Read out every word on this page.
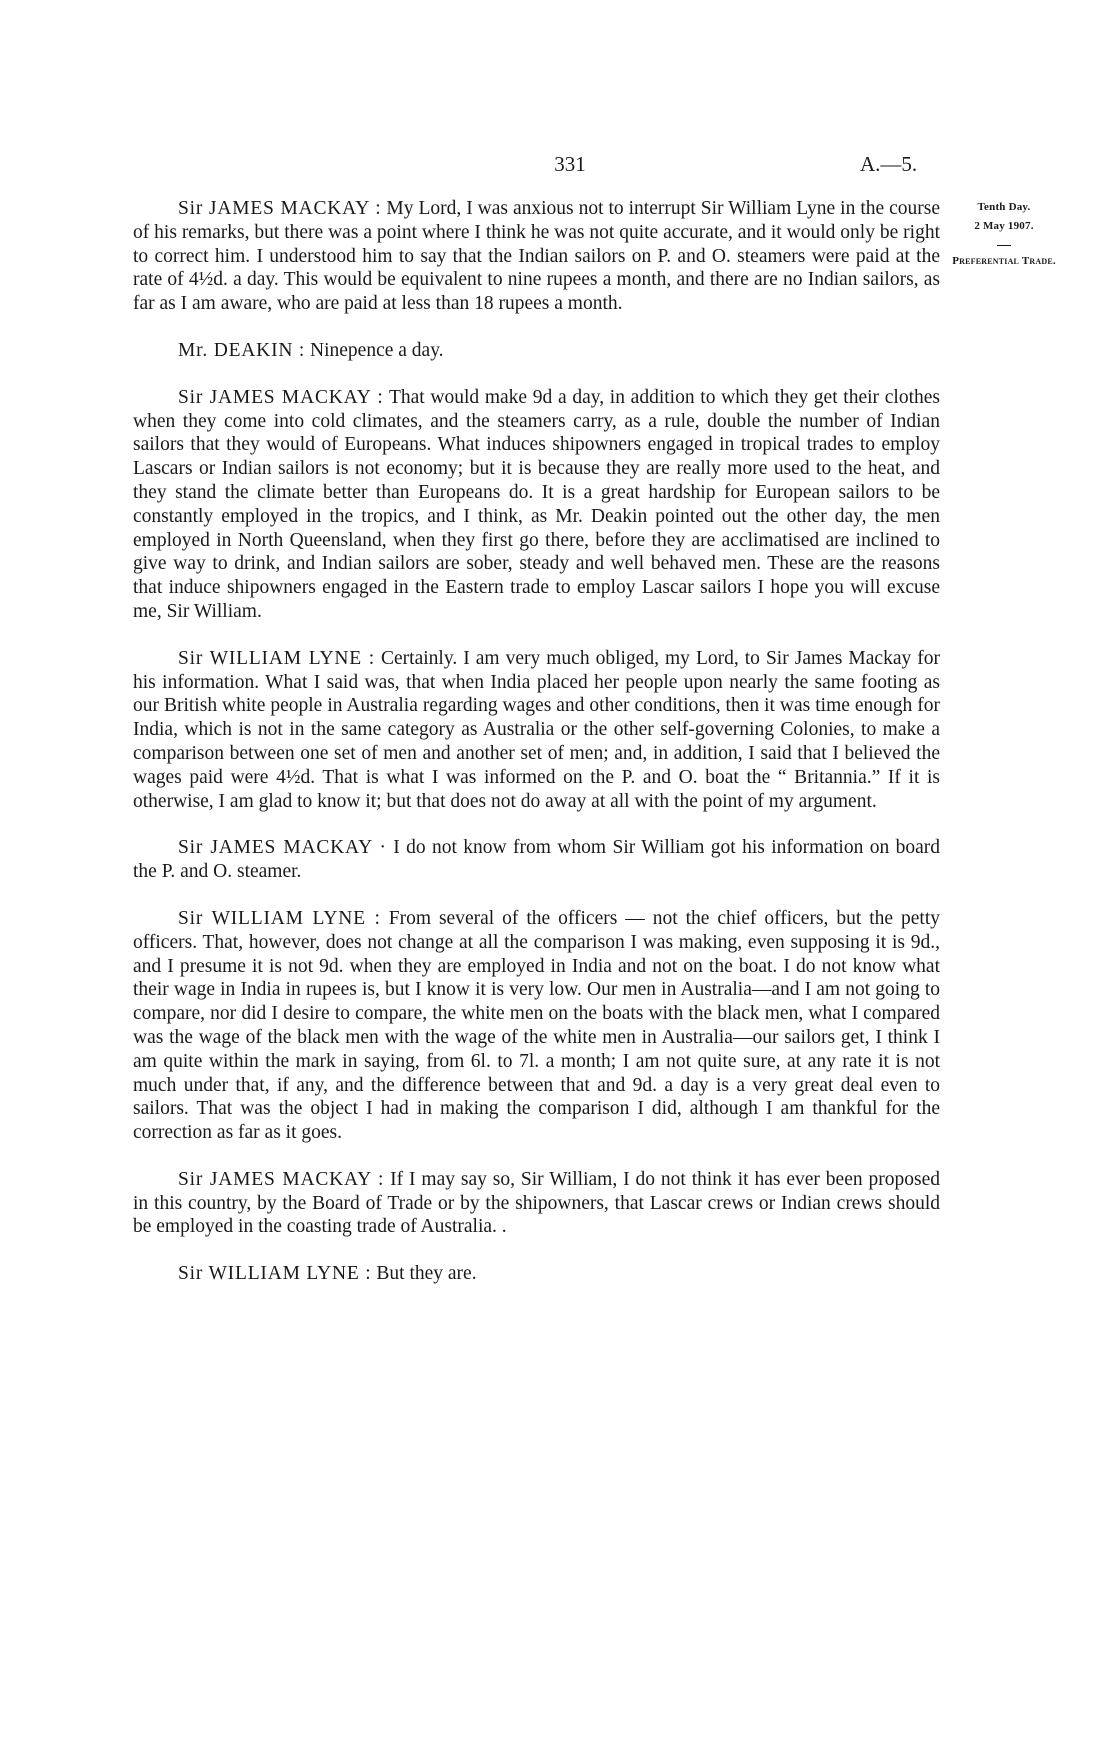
331	A.—5.
Tenth Day.
2 May 1907.
Preferential Trade.

Sir JAMES MACKAY : My Lord, I was anxious not to interrupt Sir William Lyne in the course of his remarks, but there was a point where I think he was not quite accurate, and it would only be right to correct him. I understood him to say that the Indian sailors on P. and O. steamers were paid at the rate of 4½d. a day. This would be equivalent to nine rupees a month, and there are no Indian sailors, as far as I am aware, who are paid at less than 18 rupees a month.

Mr. DEAKIN : Ninepence a day.

Sir JAMES MACKAY : That would make 9d a day, in addition to which they get their clothes when they come into cold climates, and the steamers carry, as a rule, double the number of Indian sailors that they would of Europeans. What induces shipowners engaged in tropical trades to employ Lascars or Indian sailors is not economy; but it is because they are really more used to the heat, and they stand the climate better than Europeans do. It is a great hardship for European sailors to be constantly employed in the tropics, and I think, as Mr. Deakin pointed out the other day, the men employed in North Queensland, when they first go there, before they are acclimatised are inclined to give way to drink, and Indian sailors are sober, steady and well behaved men. These are the reasons that induce shipowners engaged in the Eastern trade to employ Lascar sailors I hope you will excuse me, Sir William.

Sir WILLIAM LYNE : Certainly. I am very much obliged, my Lord, to Sir James Mackay for his information. What I said was, that when India placed her people upon nearly the same footing as our British white people in Australia regarding wages and other conditions, then it was time enough for India, which is not in the same category as Australia or the other self-governing Colonies, to make a comparison between one set of men and another set of men; and, in addition, I said that I believed the wages paid were 4½d. That is what I was informed on the P. and O. boat the “ Britannia.” If it is otherwise, I am glad to know it; but that does not do away at all with the point of my argument.

Sir JAMES MACKAY · I do not know from whom Sir William got his information on board the P. and O. steamer.

Sir WILLIAM LYNE : From several of the officers — not the chief officers, but the petty officers. That, however, does not change at all the comparison I was making, even supposing it is 9d., and I presume it is not 9d. when they are employed in India and not on the boat. I do not know what their wage in India in rupees is, but I know it is very low. Our men in Australia—and I am not going to compare, nor did I desire to compare, the white men on the boats with the black men, what I compared was the wage of the black men with the wage of the white men in Australia—our sailors get, I think I am quite within the mark in saying, from 6l. to 7l. a month; I am not quite sure, at any rate it is not much under that, if any, and the difference between that and 9d. a day is a very great deal even to sailors. That was the object I had in making the comparison I did, although I am thankful for the correction as far as it goes.

Sir JAMES MACKAY : If I may say so, Sir William, I do not think it has ever been proposed in this country, by the Board of Trade or by the shipowners, that Lascar crews or Indian crews should be employed in the coasting trade of Australia. .

Sir WILLIAM LYNE : But they are.
